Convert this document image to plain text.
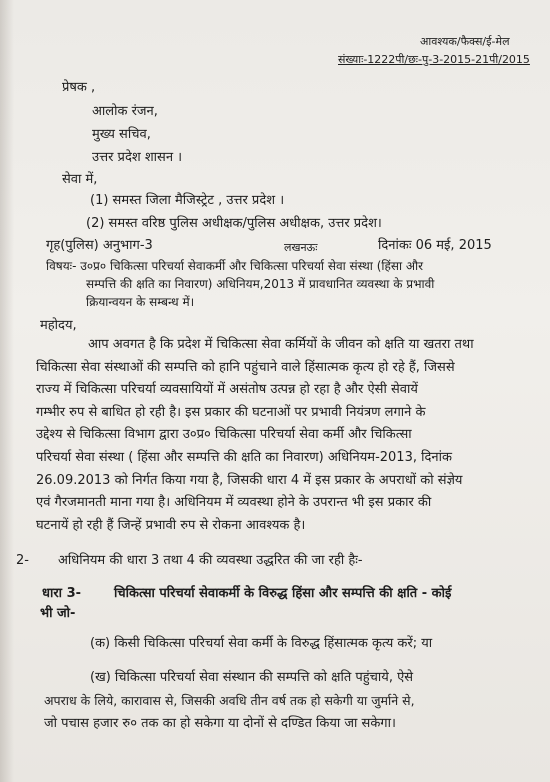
आवश्यक/फैक्स/ई-मेल
संख्याः-1222पी/छः-पु-3-2015-21पी/2015
प्रेषक ,
आलोक रंजन,
मुख्य सचिव,
उत्तर प्रदेश शासन ।
सेवा में,
(1) समस्त जिला मैजिस्ट्रेट , उत्तर प्रदेश ।
(2) समस्त वरिष्ठ पुलिस अधीक्षक/पुलिस अधीक्षक, उत्तर प्रदेश।
गृह(पुलिस) अनुभाग-3	लखनऊः	दिनांकः 06 मई, 2015
विषयः- उ०प्र० चिकित्सा परिचर्या सेवाकर्मी और चिकित्सा परिचर्या सेवा संस्था (हिंसा और
सम्पत्ति की क्षति का निवारण) अधिनियम,2013 में प्रावधानित व्यवस्था के प्रभावी
क्रियान्वयन के सम्बन्ध में।
महोदय,
आप अवगत है कि प्रदेश में चिकित्सा सेवा कर्मियों के जीवन को क्षति या खतरा तथा
चिकित्सा सेवा संस्थाओं की सम्पत्ति को हानि पहुंचाने वाले हिंसात्मक कृत्य हो रहे हैं, जिससे
राज्य में चिकित्सा परिचर्या व्यवसायियों में असंतोष उत्पन्न हो रहा है और ऐसी सेवायें
गम्भीर रुप से बाधित हो रही है। इस प्रकार की घटनाओं पर प्रभावी नियंत्रण लगाने के
उद्देश्य से चिकित्सा विभाग द्वारा उ०प्र० चिकित्सा परिचर्या सेवा कर्मी और चिकित्सा
परिचर्या सेवा संस्था ( हिंसा और सम्पत्ति की क्षति का निवारण) अधिनियम-2013, दिनांक
26.09.2013 को निर्गत किया गया है, जिसकी धारा 4 में इस प्रकार के अपराधों को संज्ञेय
एवं गैरजमानती माना गया है। अधिनियम में व्यवस्था होने के उपरान्त भी इस प्रकार की
घटनायें हो रही हैं जिन्हें प्रभावी रुप से रोकना आवश्यक है।
2- अधिनियम की धारा 3 तथा 4 की व्यवस्था उद्धरित की जा रही हैः-
धारा 3-	चिकित्सा परिचर्या सेवाकर्मी के विरुद्ध हिंसा और सम्पत्ति की क्षति - कोई
भी जो-
(क) किसी चिकित्सा परिचर्या सेवा कर्मी के विरुद्ध हिंसात्मक कृत्य करें; या
(ख) चिकित्सा परिचर्या सेवा संस्थान की सम्पत्ति को क्षति पहुंचाये, ऐसे
अपराध के लिये, कारावास से, जिसकी अवधि तीन वर्ष तक हो सकेगी या जुर्माने से,
जो पचास हजार रु० तक का हो सकेगा या दोनों से दण्डित किया जा सकेगा।
